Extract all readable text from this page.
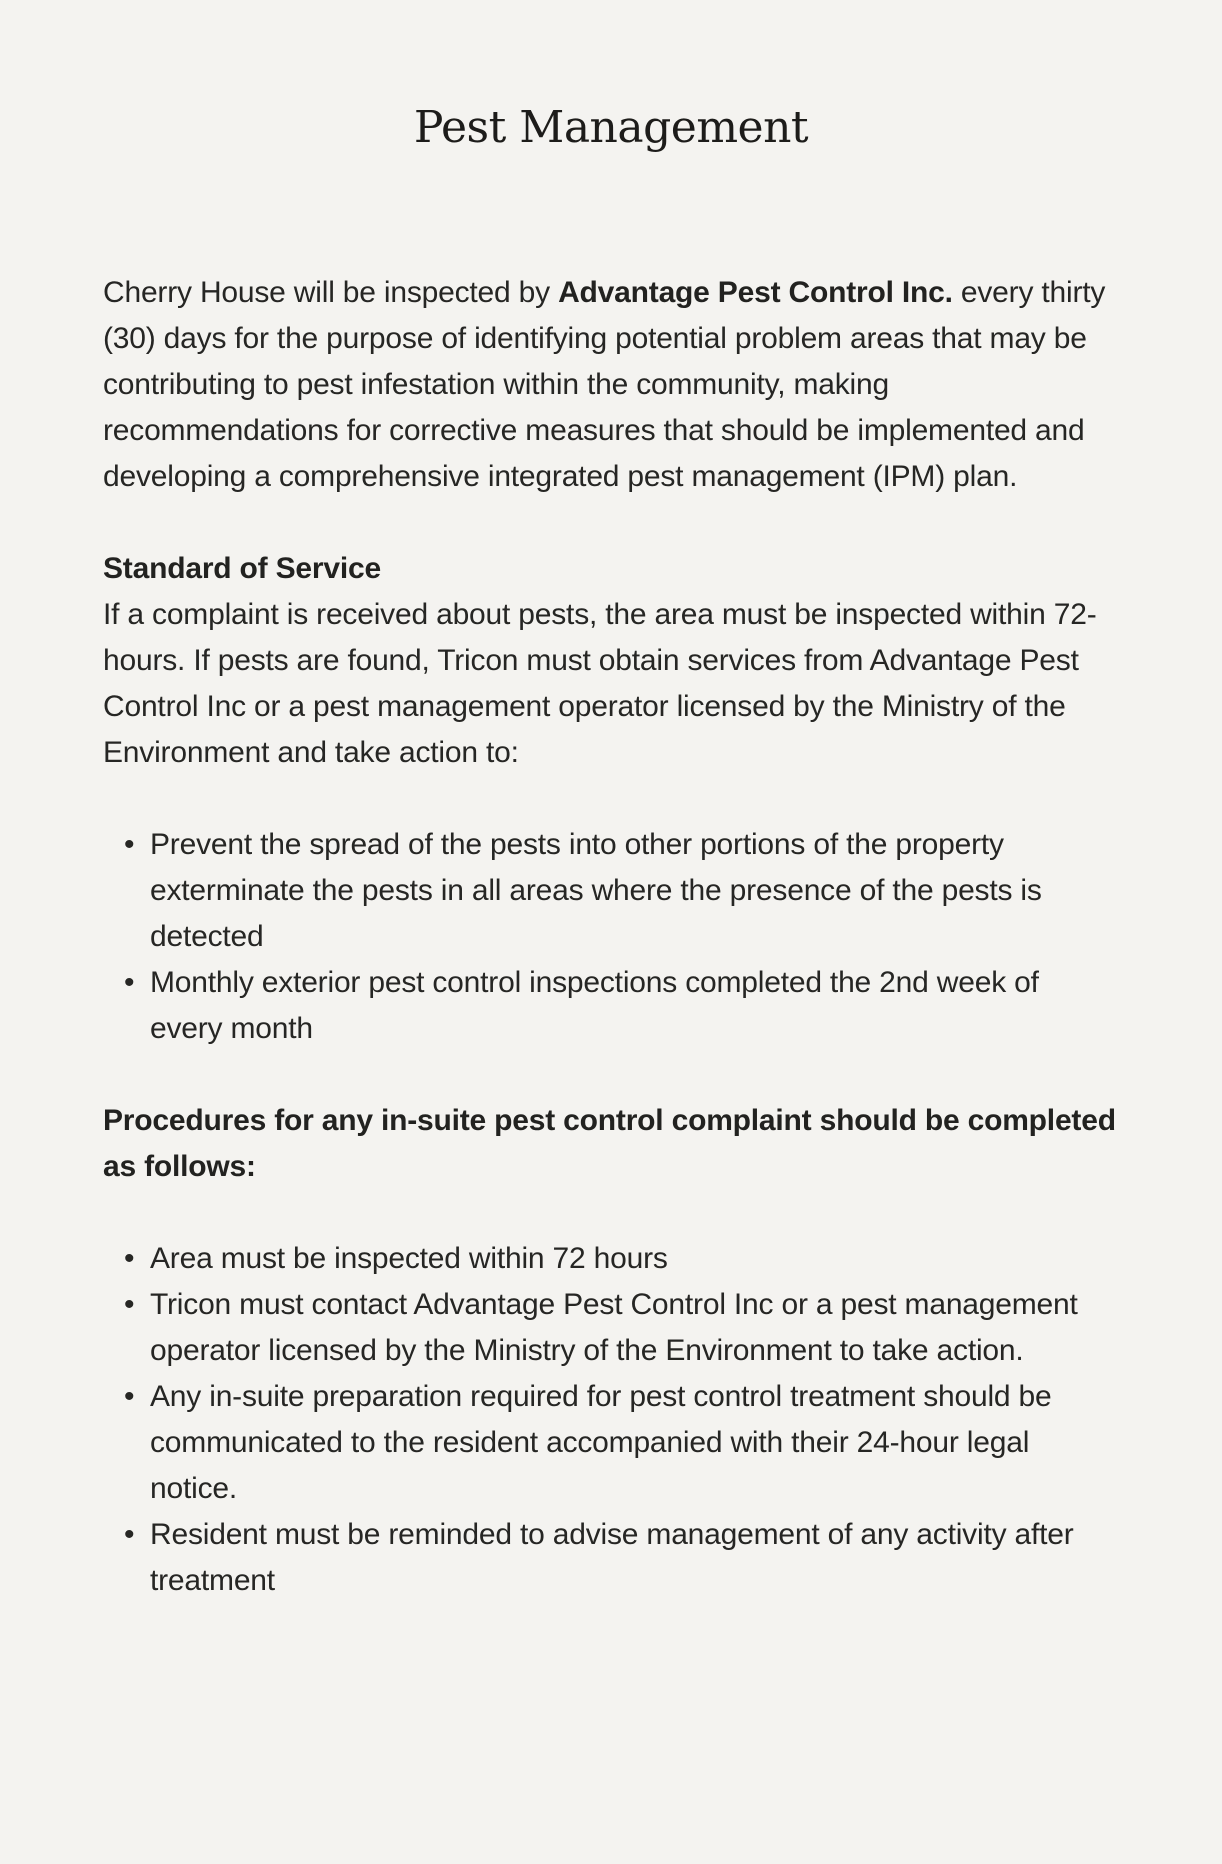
Pest Management

Cherry House will be inspected by Advantage Pest Control Inc. every thirty (30) days for the purpose of identifying potential problem areas that may be contributing to pest infestation within the community, making recommendations for corrective measures that should be implemented and developing a comprehensive integrated pest management (IPM) plan.

Standard of Service

If a complaint is received about pests, the area must be inspected within 72-hours. If pests are found, Tricon must obtain services from Advantage Pest Control Inc or a pest management operator licensed by the Ministry of the Environment and take action to:

• Prevent the spread of the pests into other portions of the property exterminate the pests in all areas where the presence of the pests is detected
• Monthly exterior pest control inspections completed the 2nd week of every month
Procedures for any in-suite pest control complaint should be completed as follows:
• Area must be inspected within 72 hours
• Tricon must contact Advantage Pest Control Inc or a pest management operator licensed by the Ministry of the Environment to take action.
• Any in-suite preparation required for pest control treatment should be communicated to the resident accompanied with their 24-hour legal notice.
• Resident must be reminded to advise management of any activity after treatment
